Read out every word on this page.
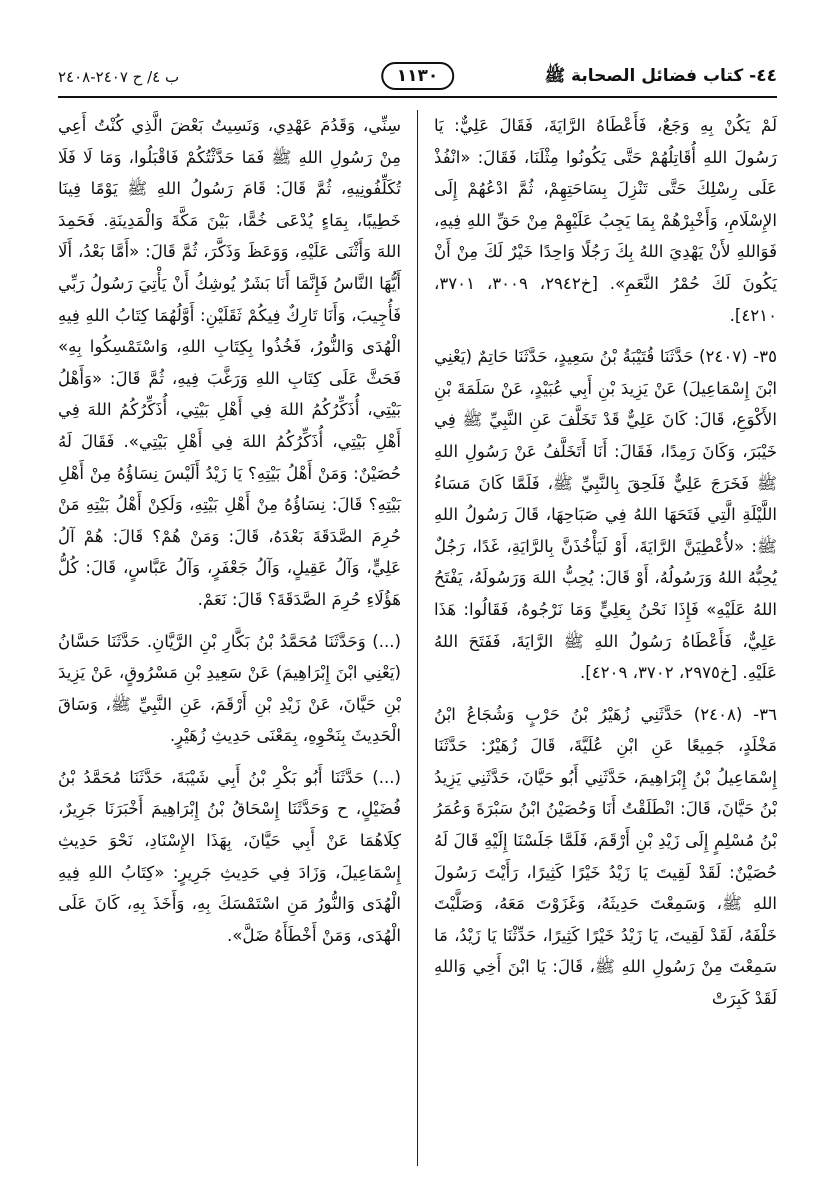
٤٤- كتاب فضائل الصحابة ﷺ
١١٣٠
ب ٤/ ح ٢٤٠٧-٢٤٠٨

لَمْ يَكُنْ بِهِ وَجَعٌ، فَأَعْطَاهُ الرَّايَةَ، فَقَالَ عَلِيٌّ: يَا رَسُولَ اللهِ أُقَاتِلُهُمْ حَتَّى يَكُونُوا مِثْلَنَا، فَقَالَ: «انْفُذْ عَلَى رِسْلِكَ حَتَّى تَنْزِلَ بِسَاحَتِهِمْ، ثُمَّ ادْعُهُمْ إِلَى الإِسْلَامِ، وَأَخْبِرْهُمْ بِمَا يَجِبُ عَلَيْهِمْ مِنْ حَقِّ اللهِ فِيهِ، فَوَاللهِ لأَنْ يَهْدِيَ اللهُ بِكَ رَجُلًا وَاحِدًا خَيْرٌ لَكَ مِنْ أَنْ يَكُونَ لَكَ حُمْرُ النَّعَمِ». [خ٢٩٤٢، ٣٠٠٩، ٣٧٠١، ٤٢١٠].

٣٥- (٢٤٠٧) حَدَّثَنَا قُتَيْبَةُ بْنُ سَعِيدٍ، حَدَّثَنَا حَاتِمٌ (يَعْنِي ابْنَ إِسْمَاعِيلَ) عَنْ يَزِيدَ بْنِ أَبِي عُبَيْدٍ، عَنْ سَلَمَةَ بْنِ الأَكْوَعِ، قَالَ: كَانَ عَلِيٌّ قَدْ تَخَلَّفَ عَنِ النَّبِيِّ ﷺ فِي خَيْبَرَ، وَكَانَ رَمِدًا، فَقَالَ: أَنَا أَتَخَلَّفُ عَنْ رَسُولِ اللهِ ﷺ فَخَرَجَ عَلِيٌّ فَلَحِقَ بِالنَّبِيِّ ﷺ، فَلَمَّا كَانَ مَسَاءُ اللَّيْلَةِ الَّتِي فَتَحَهَا اللهُ فِي صَبَاحِهَا، قَالَ رَسُولُ اللهِ ﷺ: «لأُعْطِيَنَّ الرَّايَةَ، أَوْ لَيَأْخُذَنَّ بِالرَّايَةِ، غَدًا، رَجُلٌ يُحِبُّهُ اللهُ وَرَسُولُهُ، أَوْ قَالَ: يُحِبُّ اللهَ وَرَسُولَهُ، يَفْتَحُ اللهُ عَلَيْهِ» فَإِذَا نَحْنُ بِعَلِيٍّ وَمَا نَرْجُوهُ، فَقَالُوا: هَذَا عَلِيٌّ، فَأَعْطَاهُ رَسُولُ اللهِ ﷺ الرَّايَةَ، فَفَتَحَ اللهُ عَلَيْهِ. [خ٢٩٧٥، ٣٧٠٢، ٤٢٠٩].

٣٦- (٢٤٠٨) حَدَّثَنِي زُهَيْرُ بْنُ حَرْبٍ وَشُجَاعُ ابْنُ مَخْلَدٍ، جَمِيعًا عَنِ ابْنِ عُلَيَّةَ، قَالَ زُهَيْرٌ: حَدَّثَنَا إِسْمَاعِيلُ بْنُ إِبْرَاهِيمَ، حَدَّثَنِي أَبُو حَيَّانَ، حَدَّثَنِي يَزِيدُ بْنُ حَيَّانَ، قَالَ: انْطَلَقْتُ أَنَا وَحُصَيْنُ ابْنُ سَبْرَةَ وَعُمَرُ بْنُ مُسْلِمٍ إِلَى زَيْدِ بْنِ أَرْقَمَ، فَلَمَّا جَلَسْنَا إِلَيْهِ قَالَ لَهُ حُصَيْنٌ: لَقَدْ لَقِيتَ يَا زَيْدُ خَيْرًا كَثِيرًا، رَأَيْتَ رَسُولَ اللهِ ﷺ، وَسَمِعْتَ حَدِيثَهُ، وَغَزَوْتَ مَعَهُ، وَصَلَّيْتَ خَلْفَهُ، لَقَدْ لَقِيتَ، يَا زَيْدُ خَيْرًا كَثِيرًا، حَدِّثْنَا يَا زَيْدُ، مَا سَمِعْتَ مِنْ رَسُولِ اللهِ ﷺ، قَالَ: يَا ابْنَ أَخِي وَاللهِ لَقَدْ كَبِرَتْ

سِنِّي، وَقَدُمَ عَهْدِي، وَنَسِيتُ بَعْضَ الَّذِي كُنْتُ أَعِي مِنْ رَسُولِ اللهِ ﷺ فَمَا حَدَّثْتُكُمْ فَاقْبَلُوا، وَمَا لَا فَلَا تُكَلِّفُونِيهِ، ثُمَّ قَالَ: قَامَ رَسُولُ اللهِ ﷺ يَوْمًا فِينَا خَطِيبًا، بِمَاءٍ يُدْعَى خُمًّا، بَيْنَ مَكَّةَ وَالْمَدِينَةِ. فَحَمِدَ اللهَ وَأَثْنَى عَلَيْهِ، وَوَعَظَ وَذَكَّرَ، ثُمَّ قَالَ: «أَمَّا بَعْدُ، أَلَا أَيُّهَا النَّاسُ فَإِنَّمَا أَنَا بَشَرٌ يُوشِكُ أَنْ يَأْتِيَ رَسُولُ رَبِّي فَأُجِيبَ، وَأَنَا تَارِكٌ فِيكُمْ ثَقَلَيْنِ: أَوَّلُهُمَا كِتَابُ اللهِ فِيهِ الْهُدَى وَالنُّورُ، فَخُذُوا بِكِتَابِ اللهِ، وَاسْتَمْسِكُوا بِهِ» فَحَثَّ عَلَى كِتَابِ اللهِ وَرَغَّبَ فِيهِ، ثُمَّ قَالَ: «وَأَهْلُ بَيْتِي، أُذَكِّرُكُمُ اللهَ فِي أَهْلِ بَيْتِي، أُذَكِّرُكُمُ اللهَ فِي أَهْلِ بَيْتِي، أُذَكِّرُكُمُ اللهَ فِي أَهْلِ بَيْتِي». فَقَالَ لَهُ حُصَيْنٌ: وَمَنْ أَهْلُ بَيْتِهِ؟ يَا زَيْدُ أَلَيْسَ نِسَاؤُهُ مِنْ أَهْلِ بَيْتِهِ؟ قَالَ: نِسَاؤُهُ مِنْ أَهْلِ بَيْتِهِ، وَلَكِنْ أَهْلُ بَيْتِهِ مَنْ حُرِمَ الصَّدَقَةَ بَعْدَهُ، قَالَ: وَمَنْ هُمْ؟ قَالَ: هُمْ آلُ عَلِيٍّ، وَآلُ عَقِيلٍ، وَآلُ جَعْفَرٍ، وَآلُ عَبَّاسٍ، قَالَ: كُلُّ هَؤُلَاءِ حُرِمَ الصَّدَقَةَ؟ قَالَ: نَعَمْ.

(...) وَحَدَّثَنَا مُحَمَّدُ بْنُ بَكَّارِ بْنِ الرَّيَّانِ. حَدَّثَنَا حَسَّانُ (يَعْنِي ابْنَ إِبْرَاهِيمَ) عَنْ سَعِيدِ بْنِ مَسْرُوقٍ، عَنْ يَزِيدَ بْنِ حَيَّانَ، عَنْ زَيْدِ بْنِ أَرْقَمَ، عَنِ النَّبِيِّ ﷺ، وَسَاقَ الْحَدِيثَ بِنَحْوِهِ، بِمَعْنَى حَدِيثِ زُهَيْرٍ.

(...) حَدَّثَنَا أَبُو بَكْرِ بْنُ أَبِي شَيْبَةَ، حَدَّثَنَا مُحَمَّدُ بْنُ فُضَيْلٍ، ح وَحَدَّثَنَا إِسْحَاقُ بْنُ إِبْرَاهِيمَ أَخْبَرَنَا جَرِيرٌ، كِلَاهُمَا عَنْ أَبِي حَيَّانَ، بِهَذَا الإِسْنَادِ، نَحْوَ حَدِيثِ إِسْمَاعِيلَ، وَزَادَ فِي حَدِيثِ جَرِيرٍ: «كِتَابُ اللهِ فِيهِ الْهُدَى وَالنُّورُ مَنِ اسْتَمْسَكَ بِهِ، وَأَخَذَ بِهِ، كَانَ عَلَى الْهُدَى، وَمَنْ أَخْطَأَهُ ضَلَّ».
